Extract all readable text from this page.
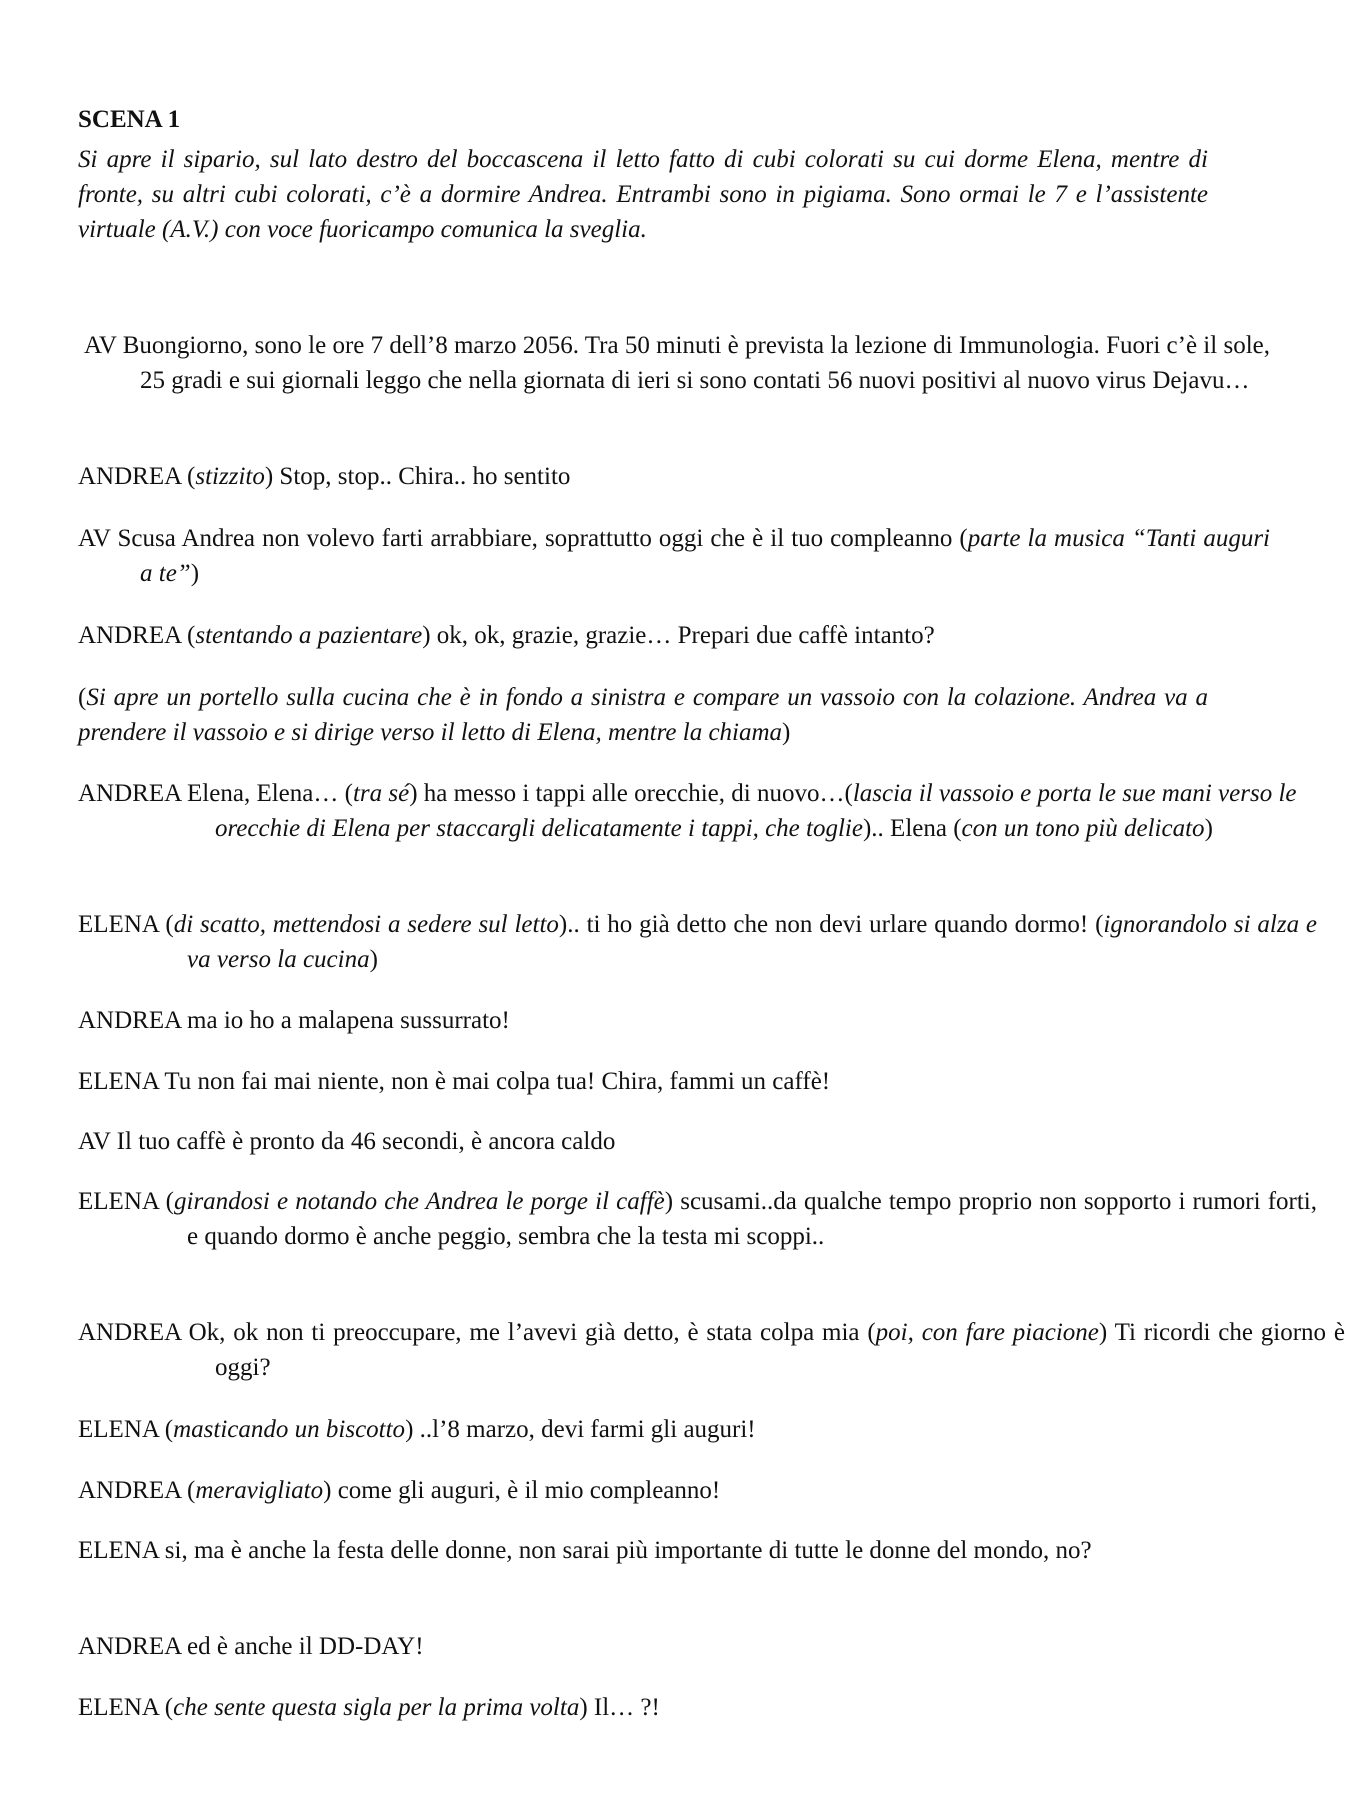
SCENA 1
Si apre il sipario, sul lato destro del boccascena il letto fatto di cubi colorati su cui dorme Elena, mentre di fronte, su altri cubi colorati, c’è a dormire Andrea. Entrambi sono in pigiama. Sono ormai le 7 e l’assistente virtuale (A.V.) con voce fuoricampo comunica la sveglia.
AV Buongiorno, sono le ore 7 dell’8 marzo 2056. Tra 50 minuti è prevista la lezione di Immunologia. Fuori c’è il sole, 25 gradi e sui giornali leggo che nella giornata di ieri si sono contati 56 nuovi positivi al nuovo virus Dejavu…
ANDREA (stizzito) Stop, stop.. Chira.. ho sentito
AV Scusa Andrea non volevo farti arrabbiare, soprattutto oggi che è il tuo compleanno (parte la musica “Tanti auguri a te”)
ANDREA (stentando a pazientare) ok, ok, grazie, grazie… Prepari due caffè intanto?
(Si apre un portello sulla cucina che è in fondo a sinistra e compare un vassoio con la colazione. Andrea va a prendere il vassoio e si dirige verso il letto di Elena, mentre la chiama)
ANDREA Elena, Elena… (tra sé) ha messo i tappi alle orecchie, di nuovo…(lascia il vassoio e porta le sue mani verso le orecchie di Elena per staccargli delicatamente i tappi, che toglie).. Elena (con un tono più delicato)
ELENA (di scatto, mettendosi a sedere sul letto).. ti ho già detto che non devi urlare quando dormo! (ignorandolo si alza e va verso la cucina)
ANDREA ma io ho a malapena sussurrato!
ELENA Tu non fai mai niente, non è mai colpa tua! Chira, fammi un caffè!
AV Il tuo caffè è pronto da 46 secondi, è ancora caldo
ELENA (girandosi e notando che Andrea le porge il caffè) scusami..da qualche tempo proprio non sopporto i rumori forti, e quando dormo è anche peggio, sembra che la testa mi scoppi..
ANDREA Ok, ok non ti preoccupare, me l’avevi già detto, è stata colpa mia (poi, con fare piacione) Ti ricordi che giorno è oggi?
ELENA (masticando un biscotto) ..l’8 marzo, devi farmi gli auguri!
ANDREA (meravigliato) come gli auguri, è il mio compleanno!
ELENA si, ma è anche la festa delle donne, non sarai più importante di tutte le donne del mondo, no?
ANDREA ed è anche il DD-DAY!
ELENA (che sente questa sigla per la prima volta) Il… ?!
